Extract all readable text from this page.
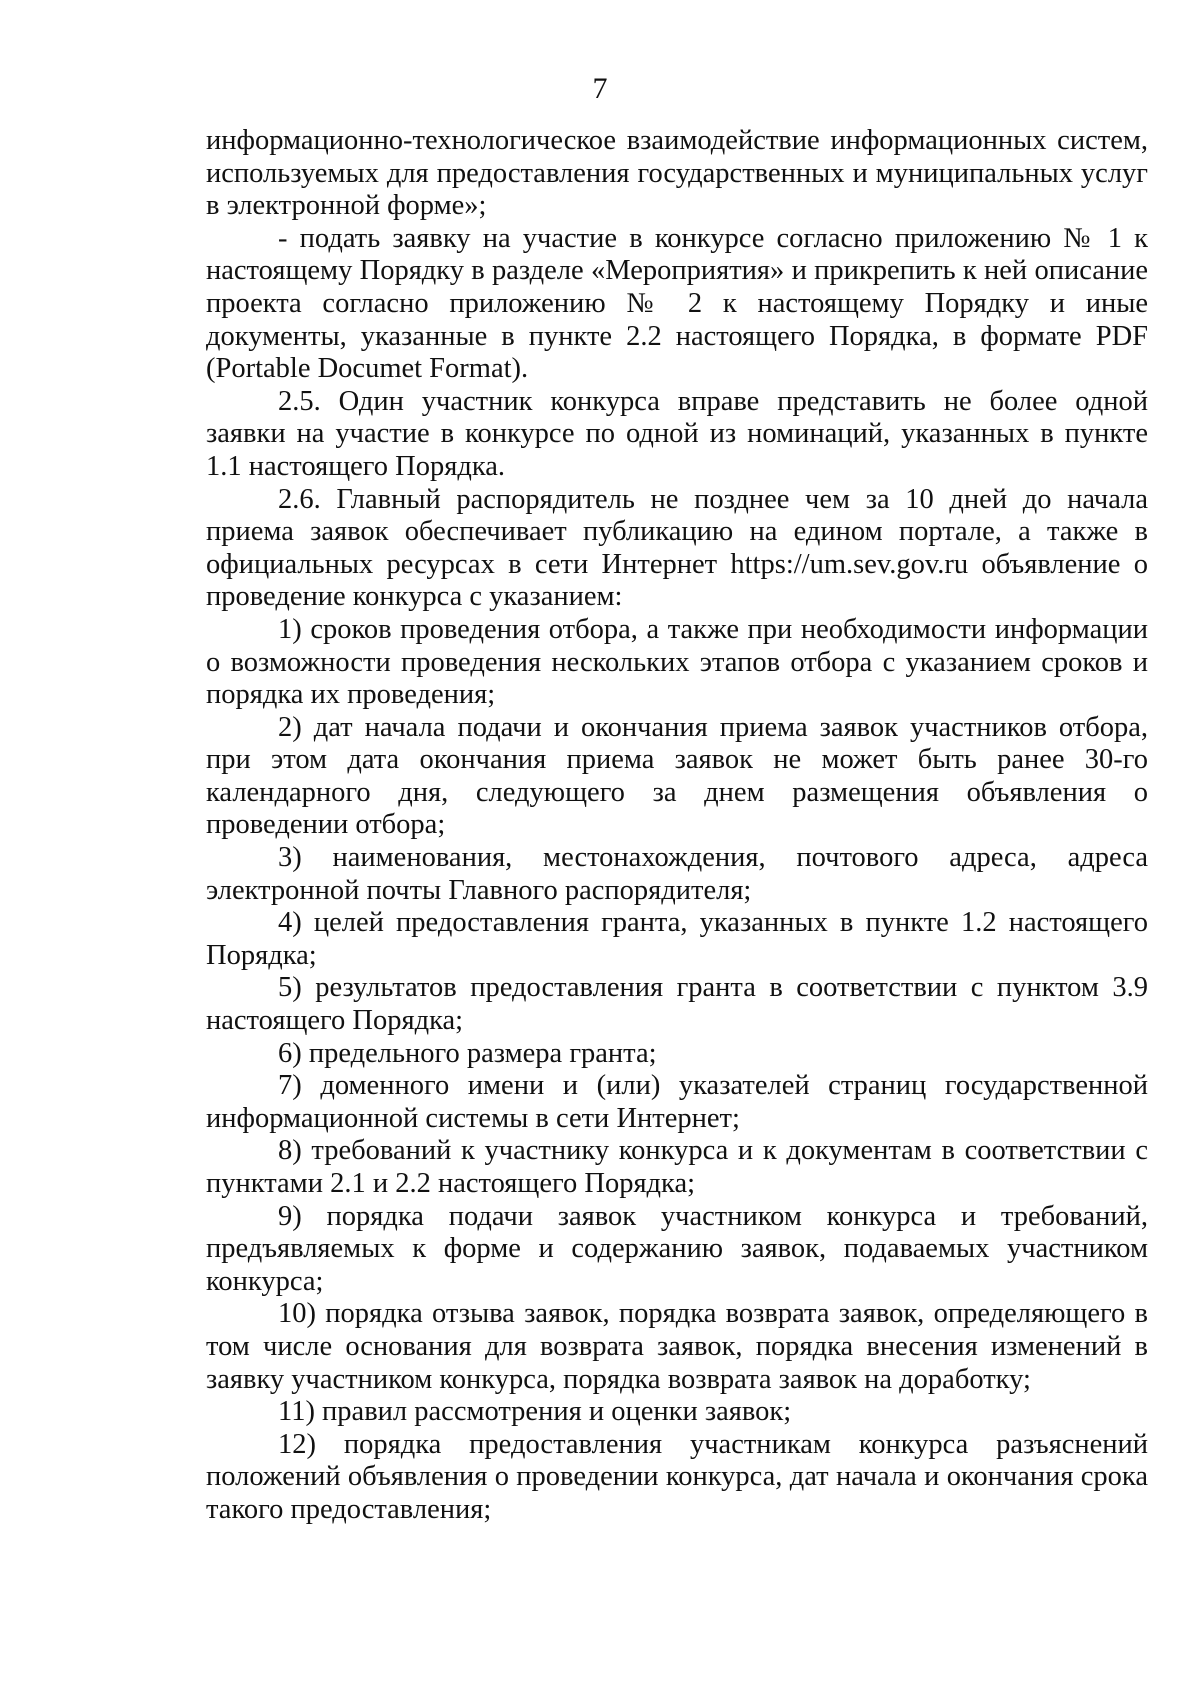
7

информационно-технологическое взаимодействие информационных систем, используемых для предоставления государственных и муниципальных услуг в электронной форме»;

- подать заявку на участие в конкурсе согласно приложению № 1 к настоящему Порядку в разделе «Мероприятия» и прикрепить к ней описание проекта согласно приложению № 2 к настоящему Порядку и иные документы, указанные в пункте 2.2 настоящего Порядка, в формате PDF (Portable Documet Format).

2.5. Один участник конкурса вправе представить не более одной заявки на участие в конкурсе по одной из номинаций, указанных в пункте 1.1 настоящего Порядка.

2.6. Главный распорядитель не позднее чем за 10 дней до начала приема заявок обеспечивает публикацию на едином портале, а также в официальных ресурсах в сети Интернет https://um.sev.gov.ru объявление о проведение конкурса с указанием:

1) сроков проведения отбора, а также при необходимости информации о возможности проведения нескольких этапов отбора с указанием сроков и порядка их проведения;

2) дат начала подачи и окончания приема заявок участников отбора, при этом дата окончания приема заявок не может быть ранее 30-го календарного дня, следующего за днем размещения объявления о проведении отбора;

3) наименования, местонахождения, почтового адреса, адреса электронной почты Главного распорядителя;

4) целей предоставления гранта, указанных в пункте 1.2 настоящего Порядка;

5) результатов предоставления гранта в соответствии с пунктом 3.9 настоящего Порядка;

6) предельного размера гранта;

7) доменного имени и (или) указателей страниц государственной информационной системы в сети Интернет;

8) требований к участнику конкурса и к документам в соответствии с пунктами 2.1 и 2.2 настоящего Порядка;

9) порядка подачи заявок участником конкурса и требований, предъявляемых к форме и содержанию заявок, подаваемых участником конкурса;

10) порядка отзыва заявок, порядка возврата заявок, определяющего в том числе основания для возврата заявок, порядка внесения изменений в заявку участником конкурса, порядка возврата заявок на доработку;

11) правил рассмотрения и оценки заявок;

12) порядка предоставления участникам конкурса разъяснений положений объявления о проведении конкурса, дат начала и окончания срока такого предоставления;
